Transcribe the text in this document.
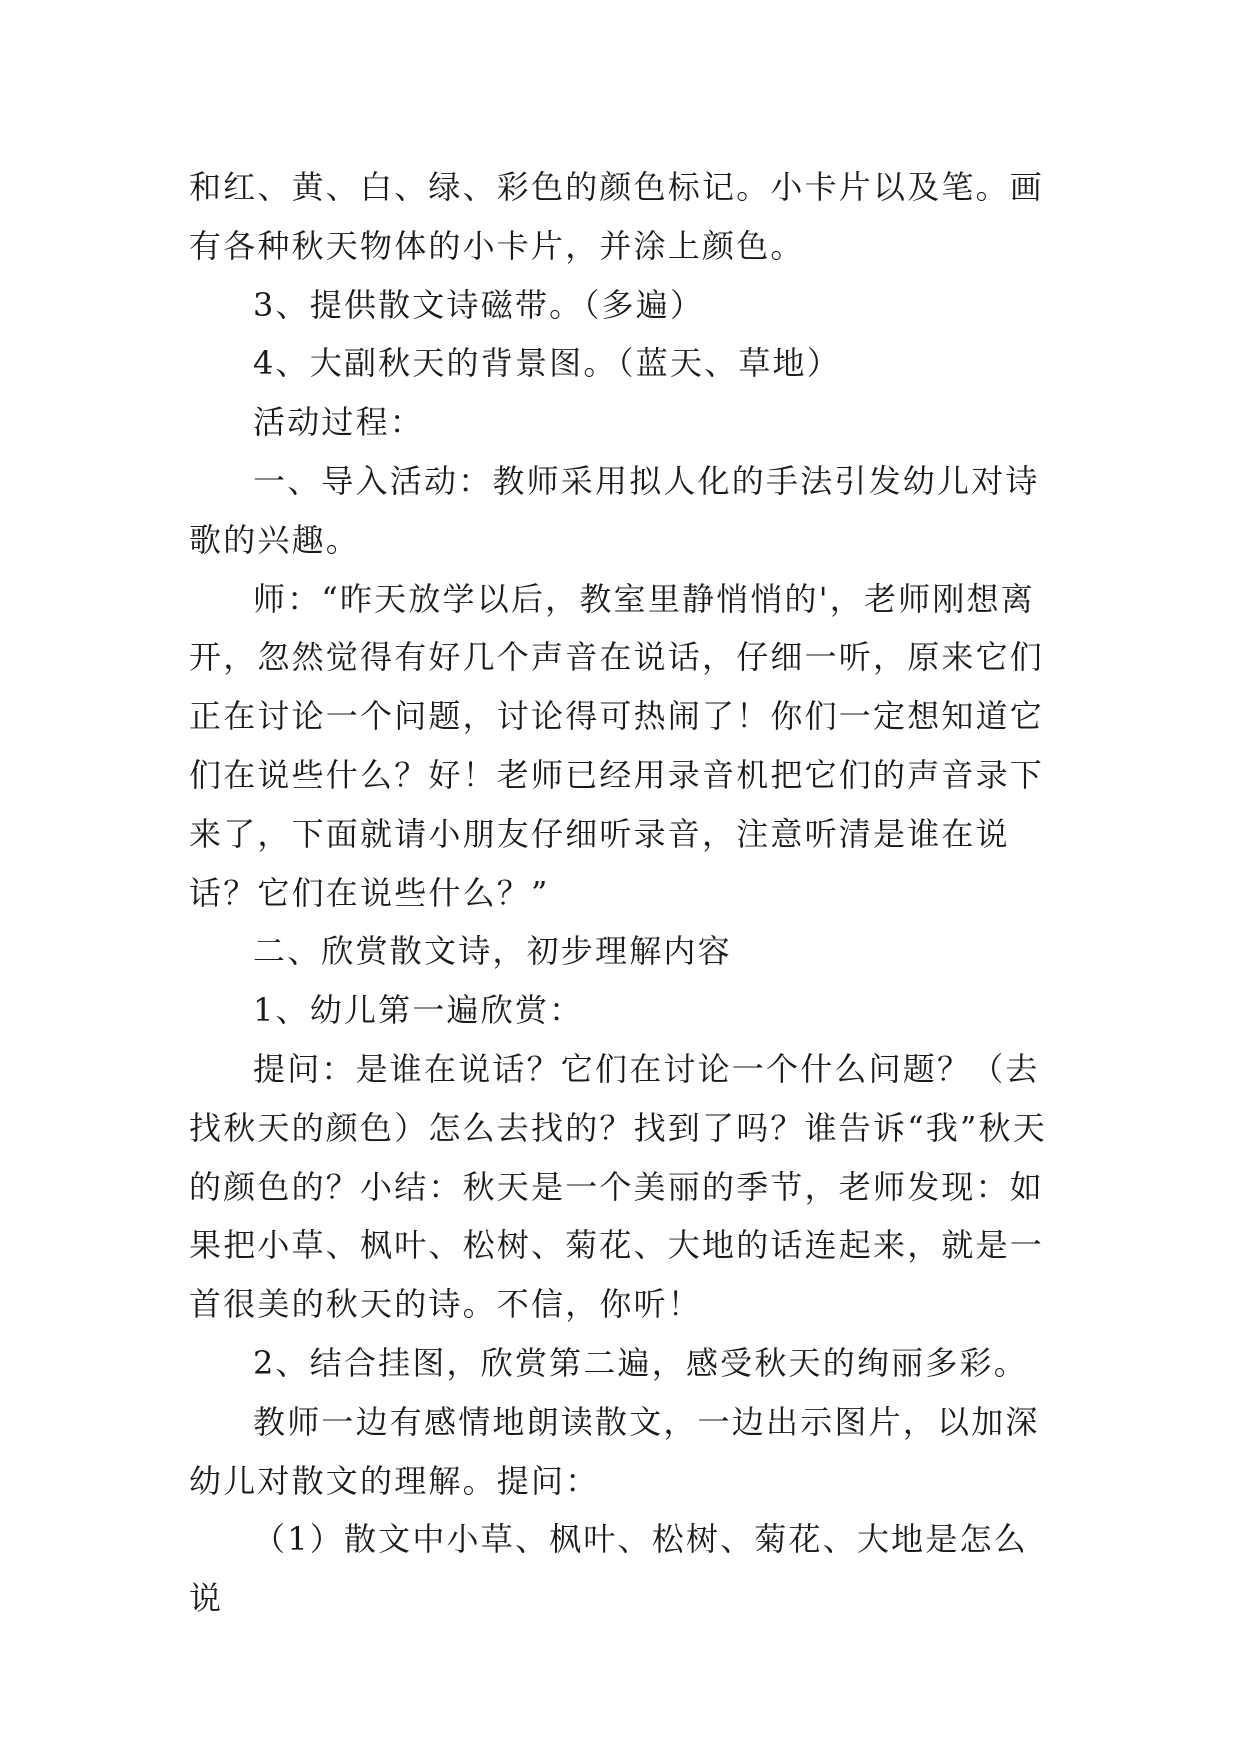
和红、黄、白、绿、彩色的颜色标记。小卡片以及笔。画有各种秋天物体的小卡片，并涂上颜色。

3、提供散文诗磁带。（多遍）

4、大副秋天的背景图。（蓝天、草地）

活动过程：

一、导入活动：教师采用拟人化的手法引发幼儿对诗歌的兴趣。

师：“昨天放学以后，教室里静悄悄的'，老师刚想离开，忽然觉得有好几个声音在说话，仔细一听，原来它们正在讨论一个问题，讨论得可热闹了！你们一定想知道它们在说些什么？好！老师已经用录音机把它们的声音录下来了，下面就请小朋友仔细听录音，注意听清是谁在说话？它们在说些什么？”

二、欣赏散文诗，初步理解内容

1、幼儿第一遍欣赏：

提问：是谁在说话？它们在讨论一个什么问题？（去找秋天的颜色）怎么去找的？找到了吗？谁告诉“我”秋天的颜色的？小结：秋天是一个美丽的季节，老师发现：如果把小草、枫叶、松树、菊花、大地的话连起来，就是一首很美的秋天的诗。不信，你听！

2、结合挂图，欣赏第二遍，感受秋天的绚丽多彩。

教师一边有感情地朗读散文，一边出示图片，以加深幼儿对散文的理解。提问：

（1）散文中小草、枫叶、松树、菊花、大地是怎么说
